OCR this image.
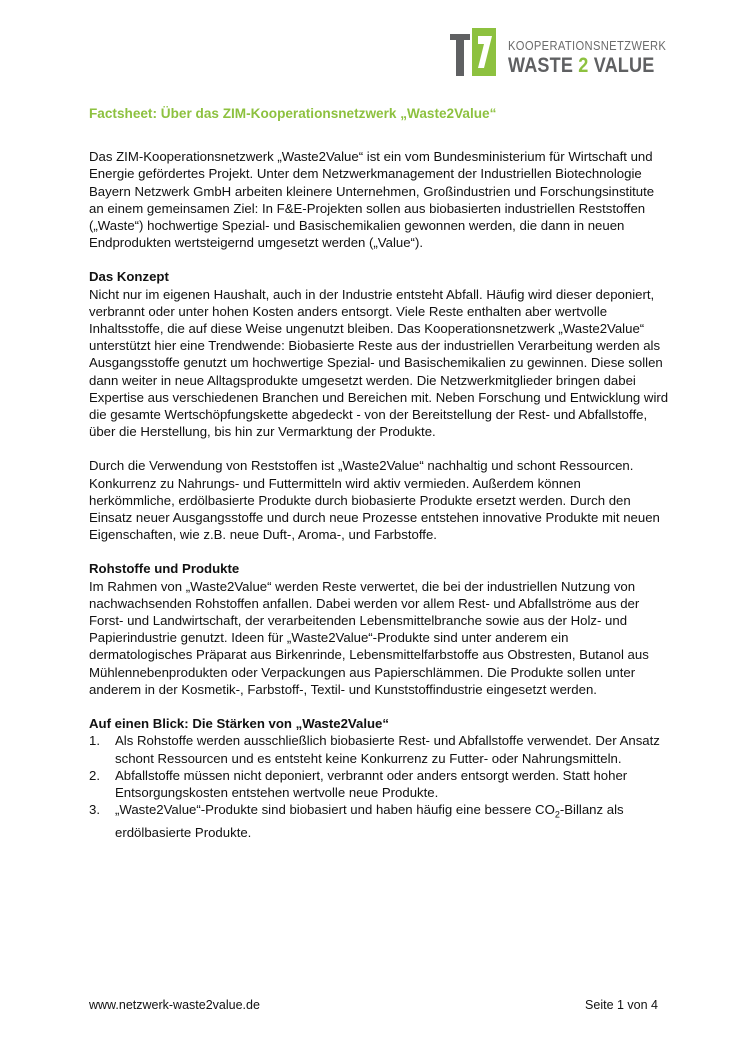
KOOPERATIONSNETZWERK
WASTE 2 VALUE
Factsheet: Über das ZIM-Kooperationsnetzwerk „Waste2Value“

Das ZIM-Kooperationsnetzwerk „Waste2Value“ ist ein vom Bundesministerium für Wirtschaft und Energie gefördertes Projekt. Unter dem Netzwerkmanagement der Industriellen Biotechnologie Bayern Netzwerk GmbH arbeiten kleinere Unternehmen, Großindustrien und Forschungsinstitute an einem gemeinsamen Ziel: In F&E-Projekten sollen aus biobasierten industriellen Reststoffen („Waste“) hochwertige Spezial- und Basischemikalien gewonnen werden, die dann in neuen Endprodukten wertsteigernd umgesetzt werden („Value“).

Das Konzept

Nicht nur im eigenen Haushalt, auch in der Industrie entsteht Abfall. Häufig wird dieser deponiert, verbrannt oder unter hohen Kosten anders entsorgt. Viele Reste enthalten aber wertvolle Inhaltsstoffe, die auf diese Weise ungenutzt bleiben. Das Kooperationsnetzwerk „Waste2Value“ unterstützt hier eine Trendwende: Biobasierte Reste aus der industriellen Verarbeitung werden als Ausgangsstoffe genutzt um hochwertige Spezial- und Basischemikalien zu gewinnen. Diese sollen dann weiter in neue Alltagsprodukte umgesetzt werden. Die Netzwerkmitglieder bringen dabei Expertise aus verschiedenen Branchen und Bereichen mit. Neben Forschung und Entwicklung wird die gesamte Wertschöpfungskette abgedeckt - von der Bereitstellung der Rest- und Abfallstoffe, über die Herstellung, bis hin zur Vermarktung der Produkte.

Durch die Verwendung von Reststoffen ist „Waste2Value“ nachhaltig und schont Ressourcen. Konkurrenz zu Nahrungs- und Futtermitteln wird aktiv vermieden. Außerdem können herkömmliche, erdölbasierte Produkte durch biobasierte Produkte ersetzt werden. Durch den Einsatz neuer Ausgangsstoffe und durch neue Prozesse entstehen innovative Produkte mit neuen Eigenschaften, wie z.B. neue Duft-, Aroma-, und Farbstoffe.

Rohstoffe und Produkte

Im Rahmen von „Waste2Value“ werden Reste verwertet, die bei der industriellen Nutzung von nachwachsenden Rohstoffen anfallen. Dabei werden vor allem Rest- und Abfallströme aus der Forst- und Landwirtschaft, der verarbeitenden Lebensmittelbranche sowie aus der Holz- und Papierindustrie genutzt. Ideen für „Waste2Value“-Produkte sind unter anderem ein dermatologisches Präparat aus Birkenrinde, Lebensmittelfarbstoffe aus Obstresten, Butanol aus Mühlennebenprodukten oder Verpackungen aus Papierschlämmen. Die Produkte sollen unter anderem in der Kosmetik-, Farbstoff-, Textil- und Kunststoffindustrie eingesetzt werden.

Auf einen Blick: Die Stärken von „Waste2Value“

1. Als Rohstoffe werden ausschließlich biobasierte Rest- und Abfallstoffe verwendet. Der Ansatz schont Ressourcen und es entsteht keine Konkurrenz zu Futter- oder Nahrungsmitteln.
2. Abfallstoffe müssen nicht deponiert, verbrannt oder anders entsorgt werden. Statt hoher Entsorgungskosten entstehen wertvolle neue Produkte.
3. „Waste2Value“-Produkte sind biobasiert und haben häufig eine bessere $CO_2$-Billanz als erdölbasierte Produkte.
www.netzwerk-waste2value.de	Seite 1 von 4
